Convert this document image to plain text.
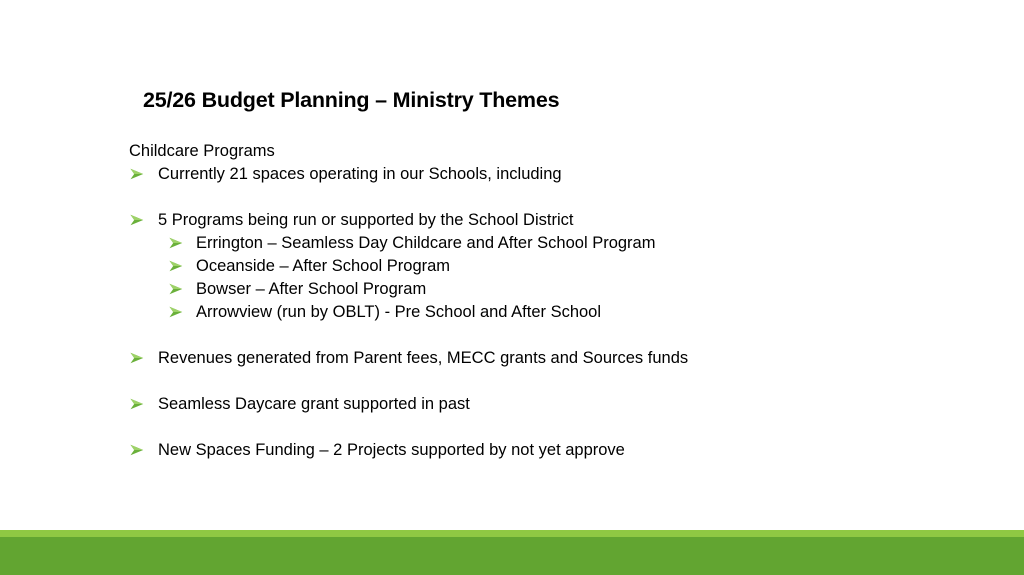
25/26 Budget Planning – Ministry Themes
Childcare Programs
Currently 21 spaces operating in our Schools, including
5 Programs being run or supported by the School District
Errington – Seamless Day Childcare and After School Program
Oceanside – After School Program
Bowser – After School Program
Arrowview (run by OBLT) - Pre School and After School
Revenues generated from Parent fees, MECC grants and Sources funds
Seamless Daycare grant supported in past
New Spaces Funding – 2 Projects supported by not yet approve
